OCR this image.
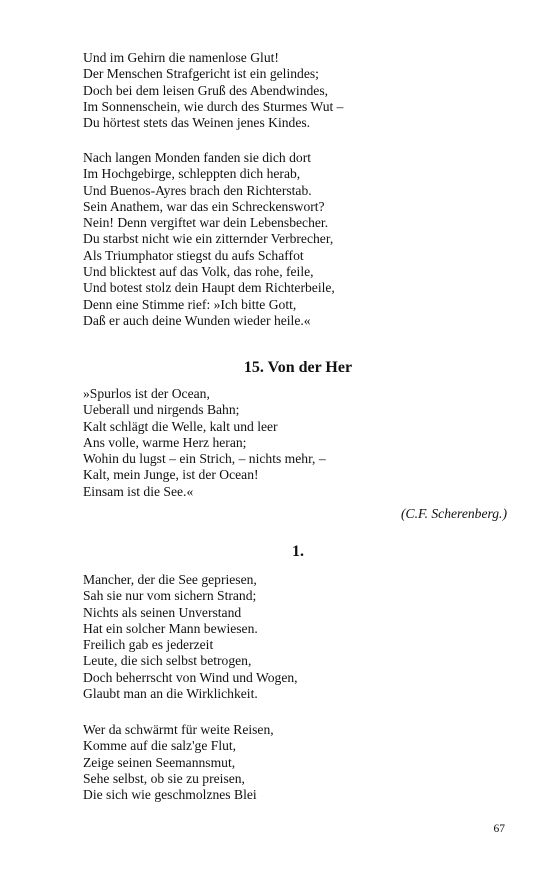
Und im Gehirn die namenlose Glut!
Der Menschen Strafgericht ist ein gelindes;
Doch bei dem leisen Gruß des Abendwindes,
Im Sonnenschein, wie durch des Sturmes Wut –
Du hörtest stets das Weinen jenes Kindes.
Nach langen Monden fanden sie dich dort
Im Hochgebirge, schleppten dich herab,
Und Buenos-Ayres brach den Richterstab.
Sein Anathem, war das ein Schreckenswort?
Nein! Denn vergiftet war dein Lebensbecher.
Du starbst nicht wie ein zitternder Verbrecher,
Als Triumphator stiegst du aufs Schaffot
Und blicktest auf das Volk, das rohe, feile,
Und botest stolz dein Haupt dem Richterbeile,
Denn eine Stimme rief: »Ich bitte Gott,
Daß er auch deine Wunden wieder heile.«
15. Von der Her
»Spurlos ist der Ocean,
Ueberall und nirgends Bahn;
Kalt schlägt die Welle, kalt und leer
Ans volle, warme Herz heran;
Wohin du lugst – ein Strich, – nichts mehr, –
Kalt, mein Junge, ist der Ocean!
Einsam ist die See.«
(C.F. Scherenberg.)
1.
Mancher, der die See gepriesen,
Sah sie nur vom sichern Strand;
Nichts als seinen Unverstand
Hat ein solcher Mann bewiesen.
Freilich gab es jederzeit
Leute, die sich selbst betrogen,
Doch beherrscht von Wind und Wogen,
Glaubt man an die Wirklichkeit.
Wer da schwärmt für weite Reisen,
Komme auf die salz'ge Flut,
Zeige seinen Seemannsmut,
Sehe selbst, ob sie zu preisen,
Die sich wie geschmolznes Blei
67
